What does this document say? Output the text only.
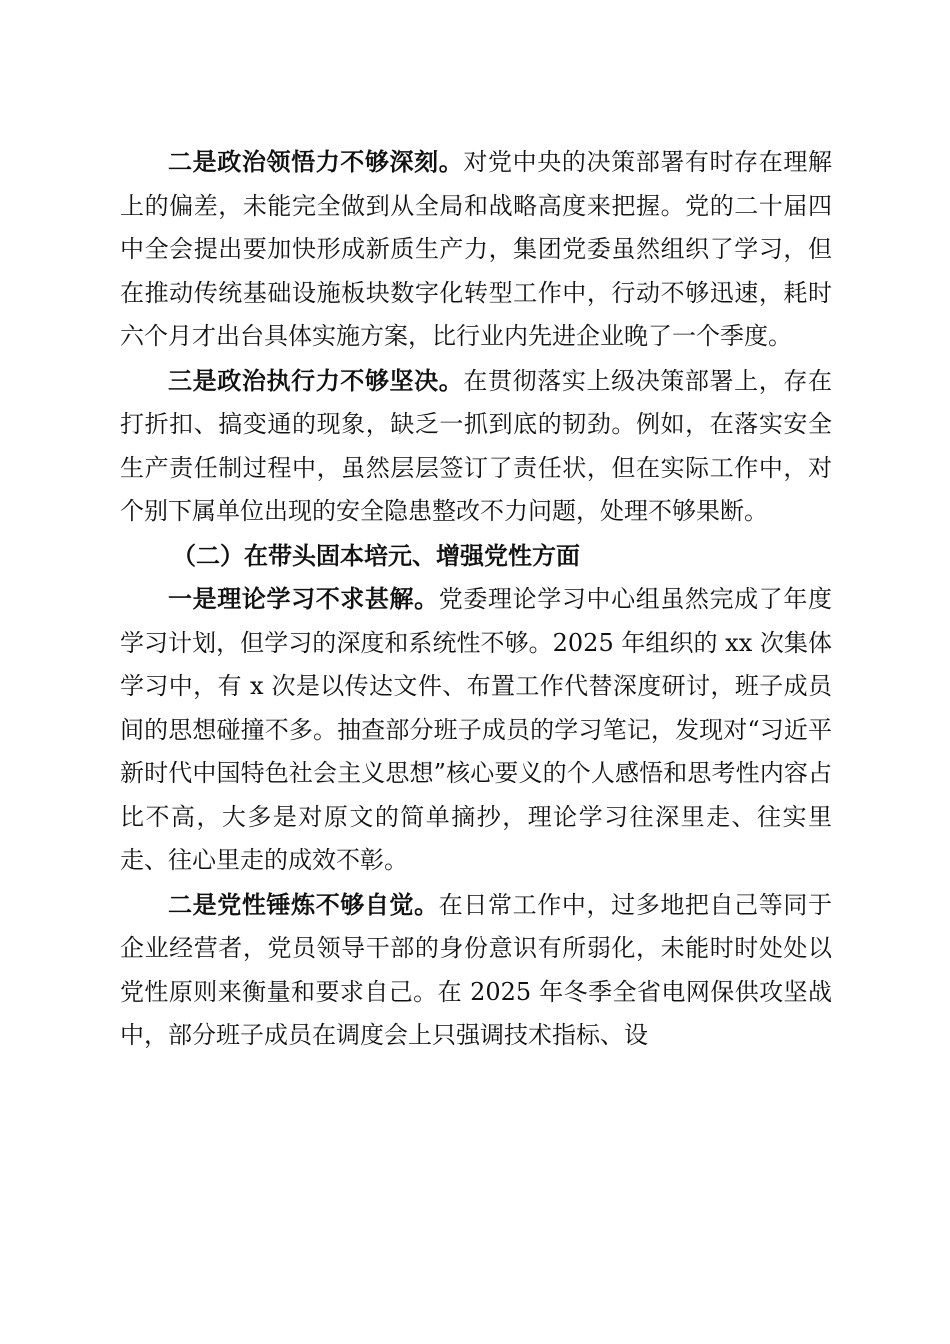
二是政治领悟力不够深刻。对党中央的决策部署有时存在理解上的偏差，未能完全做到从全局和战略高度来把握。党的二十届四中全会提出要加快形成新质生产力，集团党委虽然组织了学习，但在推动传统基础设施板块数字化转型工作中，行动不够迅速，耗时六个月才出台具体实施方案，比行业内先进企业晚了一个季度。

三是政治执行力不够坚决。在贯彻落实上级决策部署上，存在打折扣、搞变通的现象，缺乏一抓到底的韧劲。例如，在落实安全生产责任制过程中，虽然层层签订了责任状，但在实际工作中，对个别下属单位出现的安全隐患整改不力问题，处理不够果断。

（二）在带头固本培元、增强党性方面

一是理论学习不求甚解。党委理论学习中心组虽然完成了年度学习计划，但学习的深度和系统性不够。2025 年组织的 xx 次集体学习中，有 x 次是以传达文件、布置工作代替深度研讨，班子成员间的思想碰撞不多。抽查部分班子成员的学习笔记，发现对“习近平新时代中国特色社会主义思想”核心要义的个人感悟和思考性内容占比不高，大多是对原文的简单摘抄，理论学习往深里走、往实里走、往心里走的成效不彰。

二是党性锤炼不够自觉。在日常工作中，过多地把自己等同于企业经营者，党员领导干部的身份意识有所弱化，未能时时处处以党性原则来衡量和要求自己。在 2025 年冬季全省电网保供攻坚战中，部分班子成员在调度会上只强调技术指标、设
